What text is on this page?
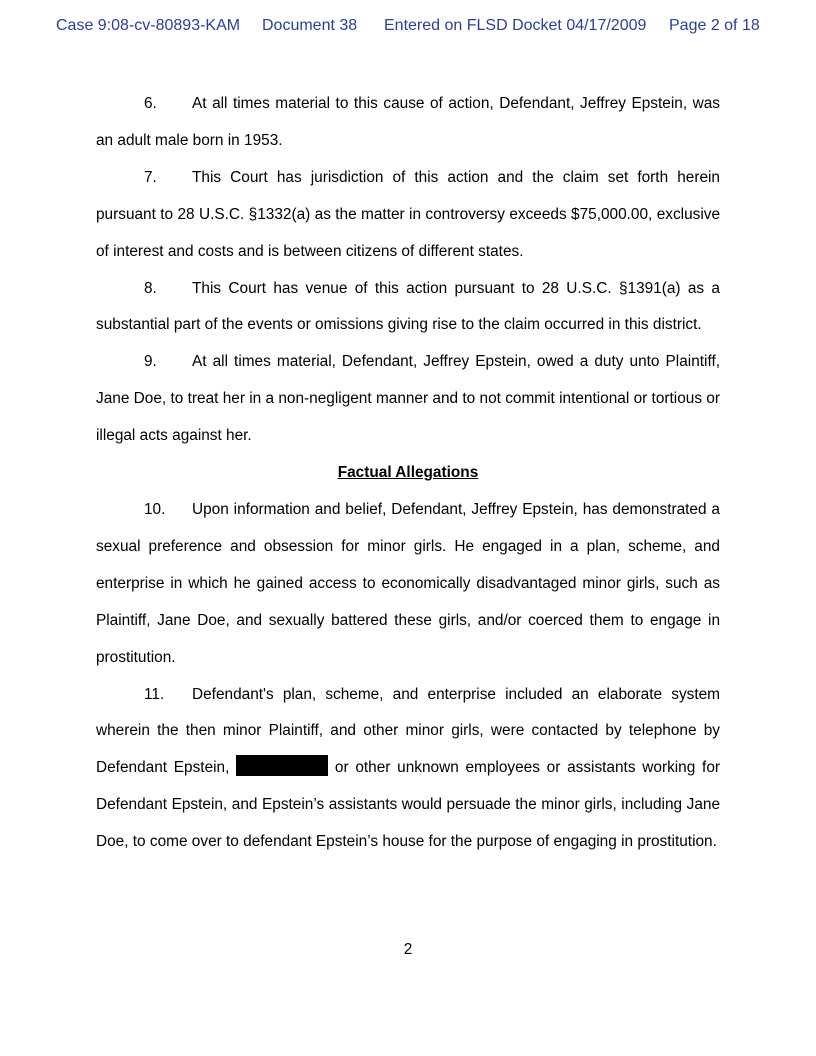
Case 9:08-cv-80893-KAM Document 38 Entered on FLSD Docket 04/17/2009 Page 2 of 18

6. At all times material to this cause of action, Defendant, Jeffrey Epstein, was an adult male born in 1953.

7. This Court has jurisdiction of this action and the claim set forth herein pursuant to 28 U.S.C. §1332(a) as the matter in controversy exceeds $75,000.00, exclusive of interest and costs and is between citizens of different states.

8. This Court has venue of this action pursuant to 28 U.S.C. §1391(a) as a substantial part of the events or omissions giving rise to the claim occurred in this district.

9. At all times material, Defendant, Jeffrey Epstein, owed a duty unto Plaintiff, Jane Doe, to treat her in a non-negligent manner and to not commit intentional or tortious or illegal acts against her.

Factual Allegations

10. Upon information and belief, Defendant, Jeffrey Epstein, has demonstrated a sexual preference and obsession for minor girls. He engaged in a plan, scheme, and enterprise in which he gained access to economically disadvantaged minor girls, such as Plaintiff, Jane Doe, and sexually battered these girls, and/or coerced them to engage in prostitution.

11. Defendant's plan, scheme, and enterprise included an elaborate system wherein the then minor Plaintiff, and other minor girls, were contacted by telephone by Defendant Epstein,	or other unknown employees or assistants working for Defendant Epstein, and Epstein’s assistants would persuade the minor girls, including Jane Doe, to come over to defendant Epstein’s house for the purpose of engaging in prostitution.

2
